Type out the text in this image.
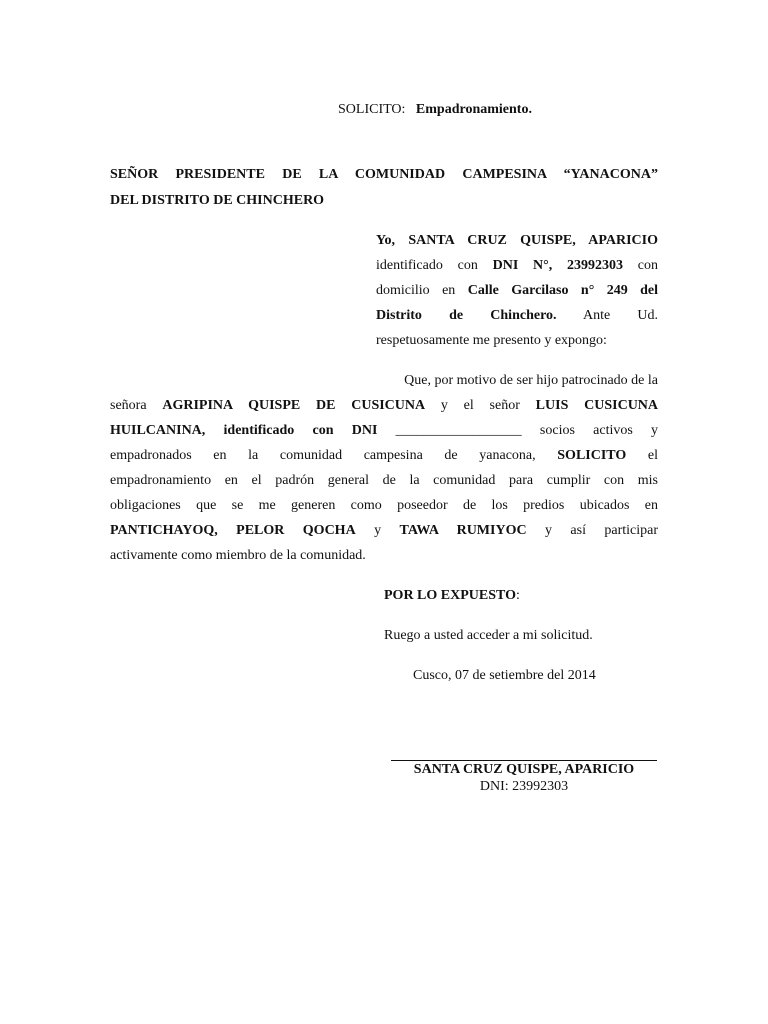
SOLICITO: Empadronamiento.
SEÑOR PRESIDENTE DE LA COMUNIDAD CAMPESINA “YANACONA”
DEL DISTRITO DE CHINCHERO
Yo, SANTA CRUZ QUISPE, APARICIO
identificado con DNI N°, 23992303 con
domicilio en Calle Garcilaso n° 249 del
Distrito de Chinchero. Ante Ud.
respetuosamente me presento y expongo:
Que, por motivo de ser hijo patrocinado de la
señora AGRIPINA QUISPE DE CUSICUNA y el señor LUIS CUSICUNA
HUILCANINA, identificado con DNI __________________ socios activos y
empadronados en la comunidad campesina de yanacona, SOLICITO el
empadronamiento en el padrón general de la comunidad para cumplir con mis
obligaciones que se me generen como poseedor de los predios ubicados en
PANTICHAYOQ, PELOR QOCHA y TAWA RUMIYOC y así participar
activamente como miembro de la comunidad.
POR LO EXPUESTO:
Ruego a usted acceder a mi solicitud.
Cusco, 07 de setiembre del 2014
SANTA CRUZ QUISPE, APARICIO
DNI: 23992303
